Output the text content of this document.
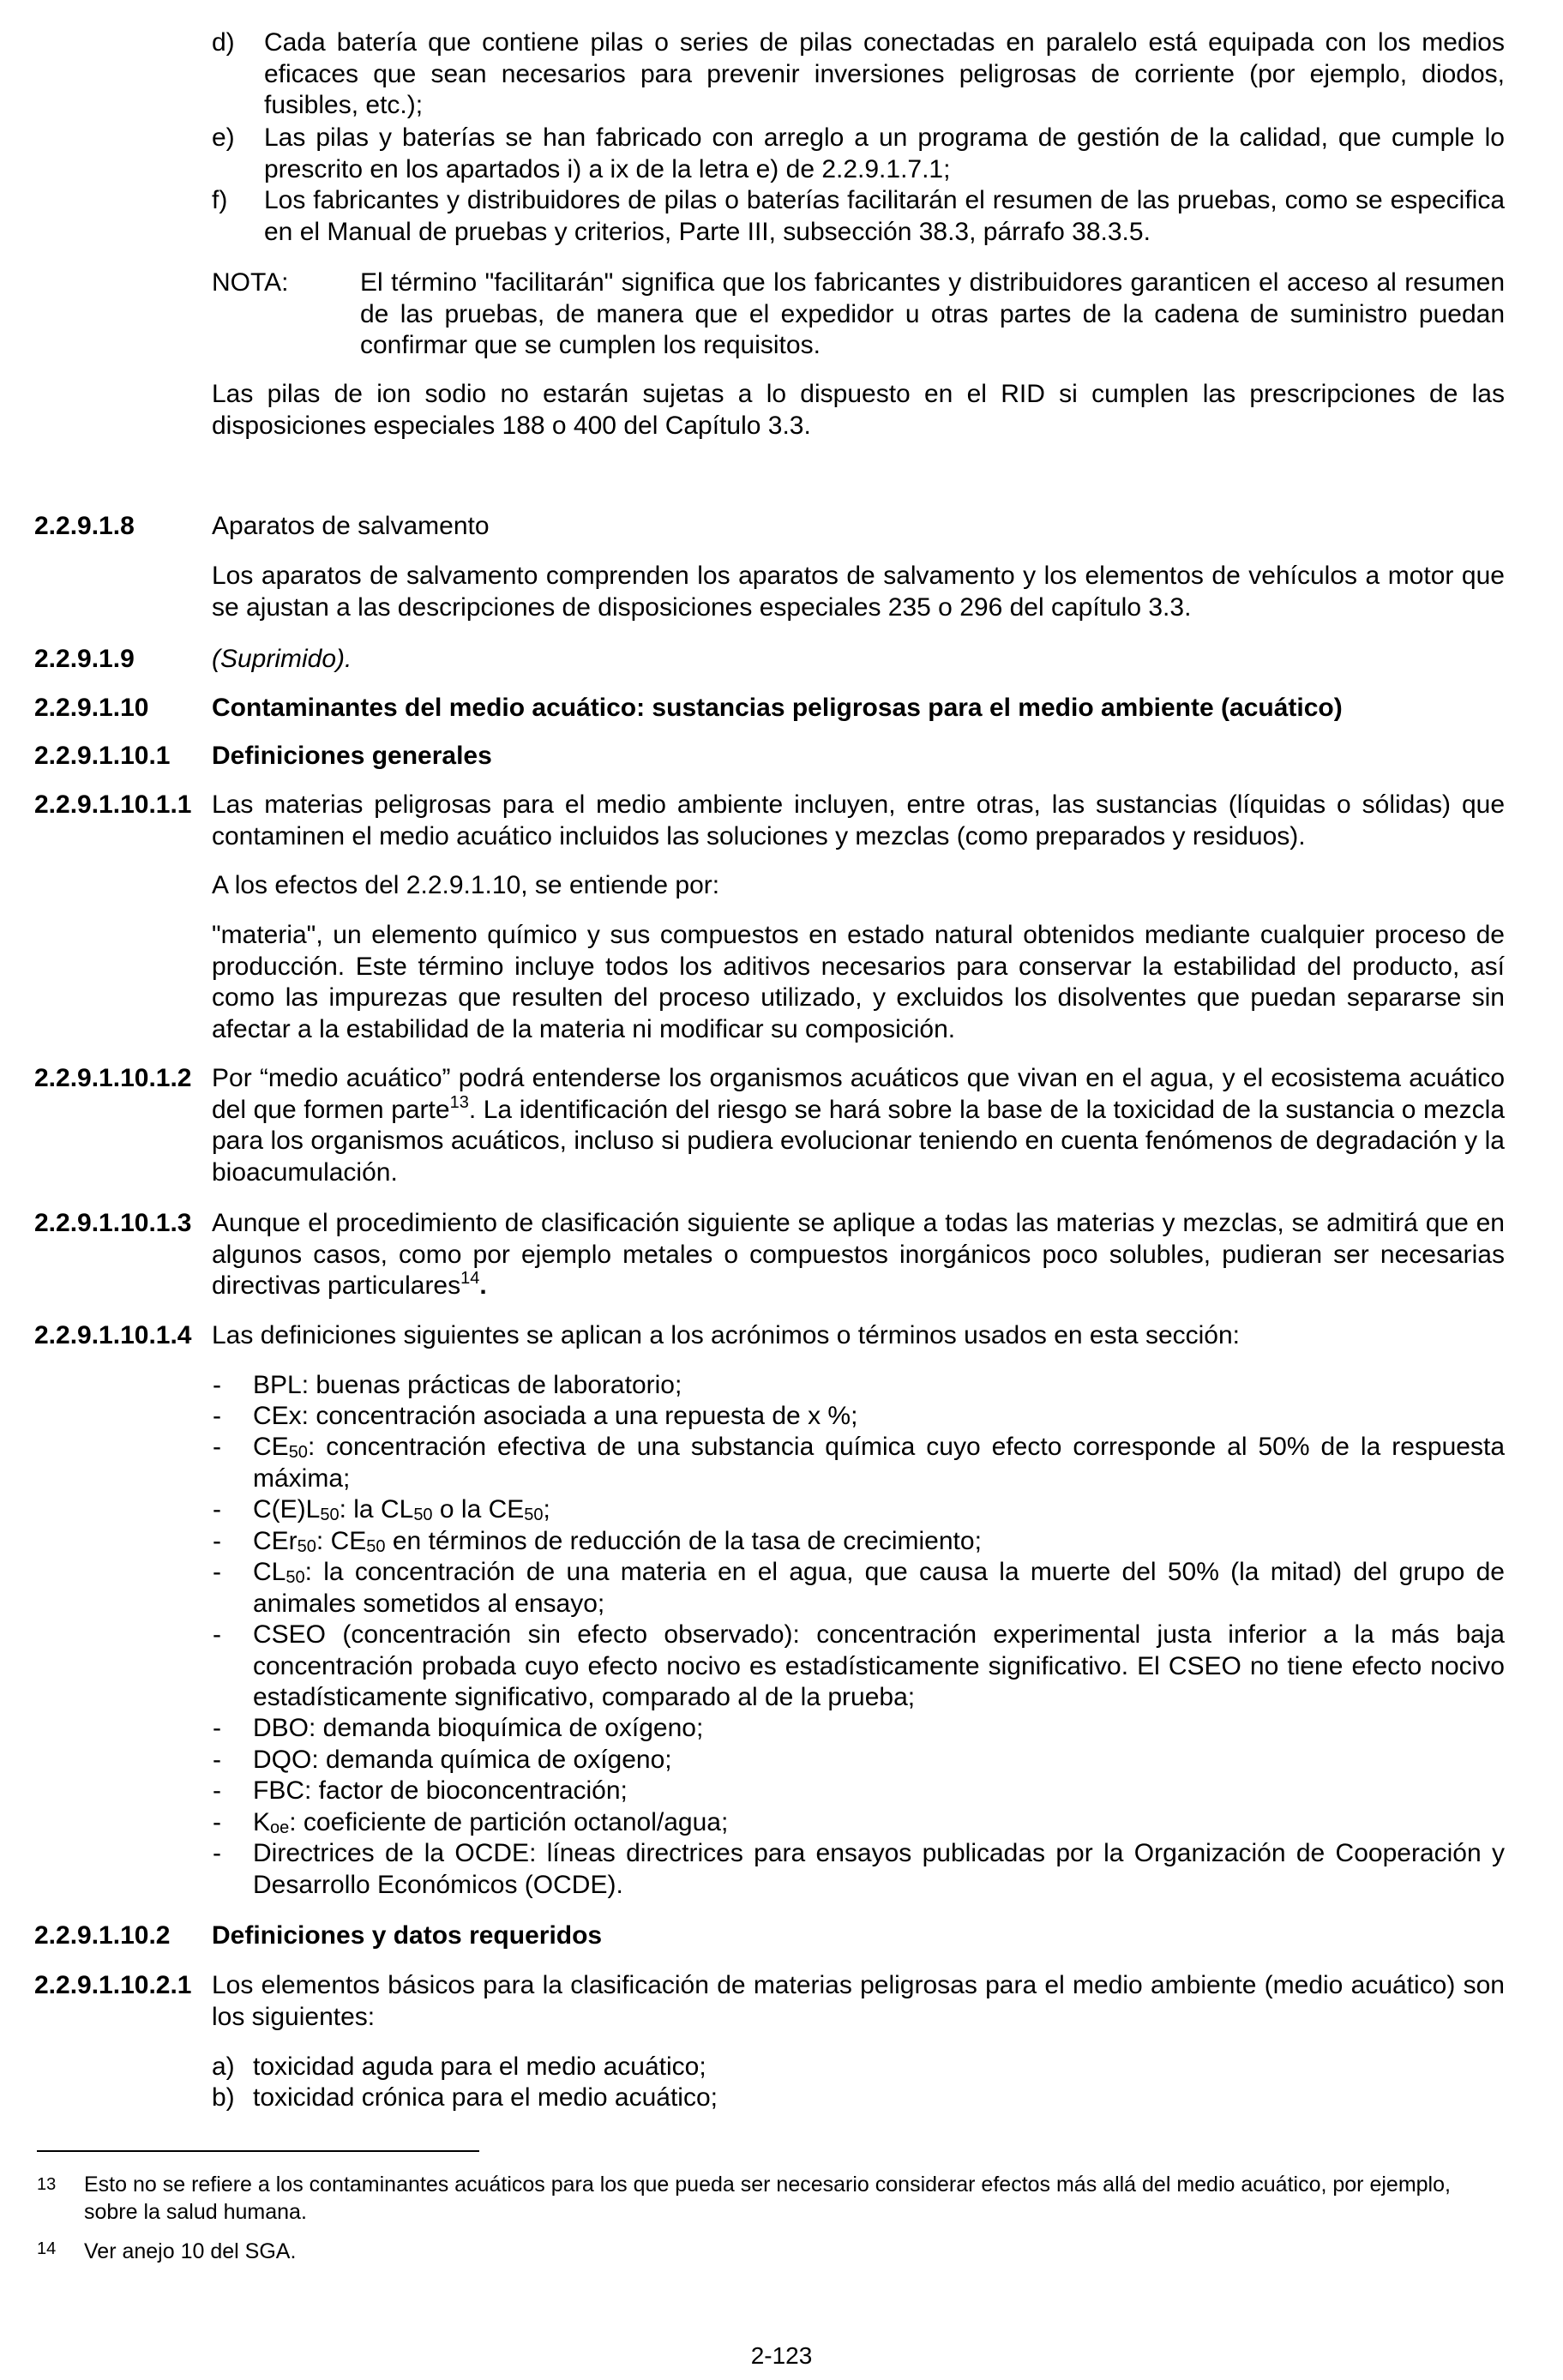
d) Cada batería que contiene pilas o series de pilas conectadas en paralelo está equipada con los medios eficaces que sean necesarios para prevenir inversiones peligrosas de corriente (por ejemplo, diodos, fusibles, etc.);
e) Las pilas y baterías se han fabricado con arreglo a un programa de gestión de la calidad, que cumple lo prescrito en los apartados i) a ix de la letra e) de 2.2.9.1.7.1;
f) Los fabricantes y distribuidores de pilas o baterías facilitarán el resumen de las pruebas, como se especifica en el Manual de pruebas y criterios, Parte III, subsección 38.3, párrafo 38.3.5.
NOTA:	El término "facilitarán" significa que los fabricantes y distribuidores garanticen el acceso al resumen de las pruebas, de manera que el expedidor u otras partes de la cadena de suministro puedan confirmar que se cumplen los requisitos.
Las pilas de ion sodio no estarán sujetas a lo dispuesto en el RID si cumplen las prescripciones de las disposiciones especiales 188 o 400 del Capítulo 3.3.
2.2.9.1.8	Aparatos de salvamento
Los aparatos de salvamento comprenden los aparatos de salvamento y los elementos de vehículos a motor que se ajustan a las descripciones de disposiciones especiales 235 o 296 del capítulo 3.3.
2.2.9.1.9	(Suprimido).
2.2.9.1.10 Contaminantes del medio acuático: sustancias peligrosas para el medio ambiente (acuático)
2.2.9.1.10.1 Definiciones generales
2.2.9.1.10.1.1 Las materias peligrosas para el medio ambiente incluyen, entre otras, las sustancias (líquidas o sólidas) que contaminen el medio acuático incluidos las soluciones y mezclas (como preparados y residuos).
A los efectos del 2.2.9.1.10, se entiende por:
"materia", un elemento químico y sus compuestos en estado natural obtenidos mediante cualquier proceso de producción. Este término incluye todos los aditivos necesarios para conservar la estabilidad del producto, así como las impurezas que resulten del proceso utilizado, y excluidos los disolventes que puedan separarse sin afectar a la estabilidad de la materia ni modificar su composición.
2.2.9.1.10.1.2 Por “medio acuático” podrá entenderse los organismos acuáticos que vivan en el agua, y el ecosistema acuático del que formen parte$^{13}$. La identificación del riesgo se hará sobre la base de la toxicidad de la sustancia o mezcla para los organismos acuáticos, incluso si pudiera evolucionar teniendo en cuenta fenómenos de degradación y la bioacumulación.
2.2.9.1.10.1.3 Aunque el procedimiento de clasificación siguiente se aplique a todas las materias y mezclas, se admitirá que en algunos casos, como por ejemplo metales o compuestos inorgánicos poco solubles, pudieran ser necesarias directivas particulares$^{14}$.
2.2.9.1.10.1.4 Las definiciones siguientes se aplican a los acrónimos o términos usados en esta sección:
- BPL: buenas prácticas de laboratorio;
- CEx: concentración asociada a una repuesta de x %;
- CE50: concentración efectiva de una substancia química cuyo efecto corresponde al 50% de la respuesta máxima;
- C(E)L50: la CL50 o la CE50;
- CEr50: CE50 en términos de reducción de la tasa de crecimiento;
- CL50: la concentración de una materia en el agua, que causa la muerte del 50% (la mitad) del grupo de animales sometidos al ensayo;
- CSEO (concentración sin efecto observado): concentración experimental justa inferior a la más baja concentración probada cuyo efecto nocivo es estadísticamente significativo. El CSEO no tiene efecto nocivo estadísticamente significativo, comparado al de la prueba;
- DBO: demanda bioquímica de oxígeno;
- DQO: demanda química de oxígeno;
- FBC: factor de bioconcentración;
- Koe: coeficiente de partición octanol/agua;
- Directrices de la OCDE: líneas directrices para ensayos publicadas por la Organización de Cooperación y Desarrollo Económicos (OCDE).
2.2.9.1.10.2 Definiciones y datos requeridos
2.2.9.1.10.2.1 Los elementos básicos para la clasificación de materias peligrosas para el medio ambiente (medio acuático) son los siguientes:
a) toxicidad aguda para el medio acuático;
b) toxicidad crónica para el medio acuático;
13 Esto no se refiere a los contaminantes acuáticos para los que pueda ser necesario considerar efectos más allá del medio acuático, por ejemplo, sobre la salud humana.
14 Ver anejo 10 del SGA.
2-123
